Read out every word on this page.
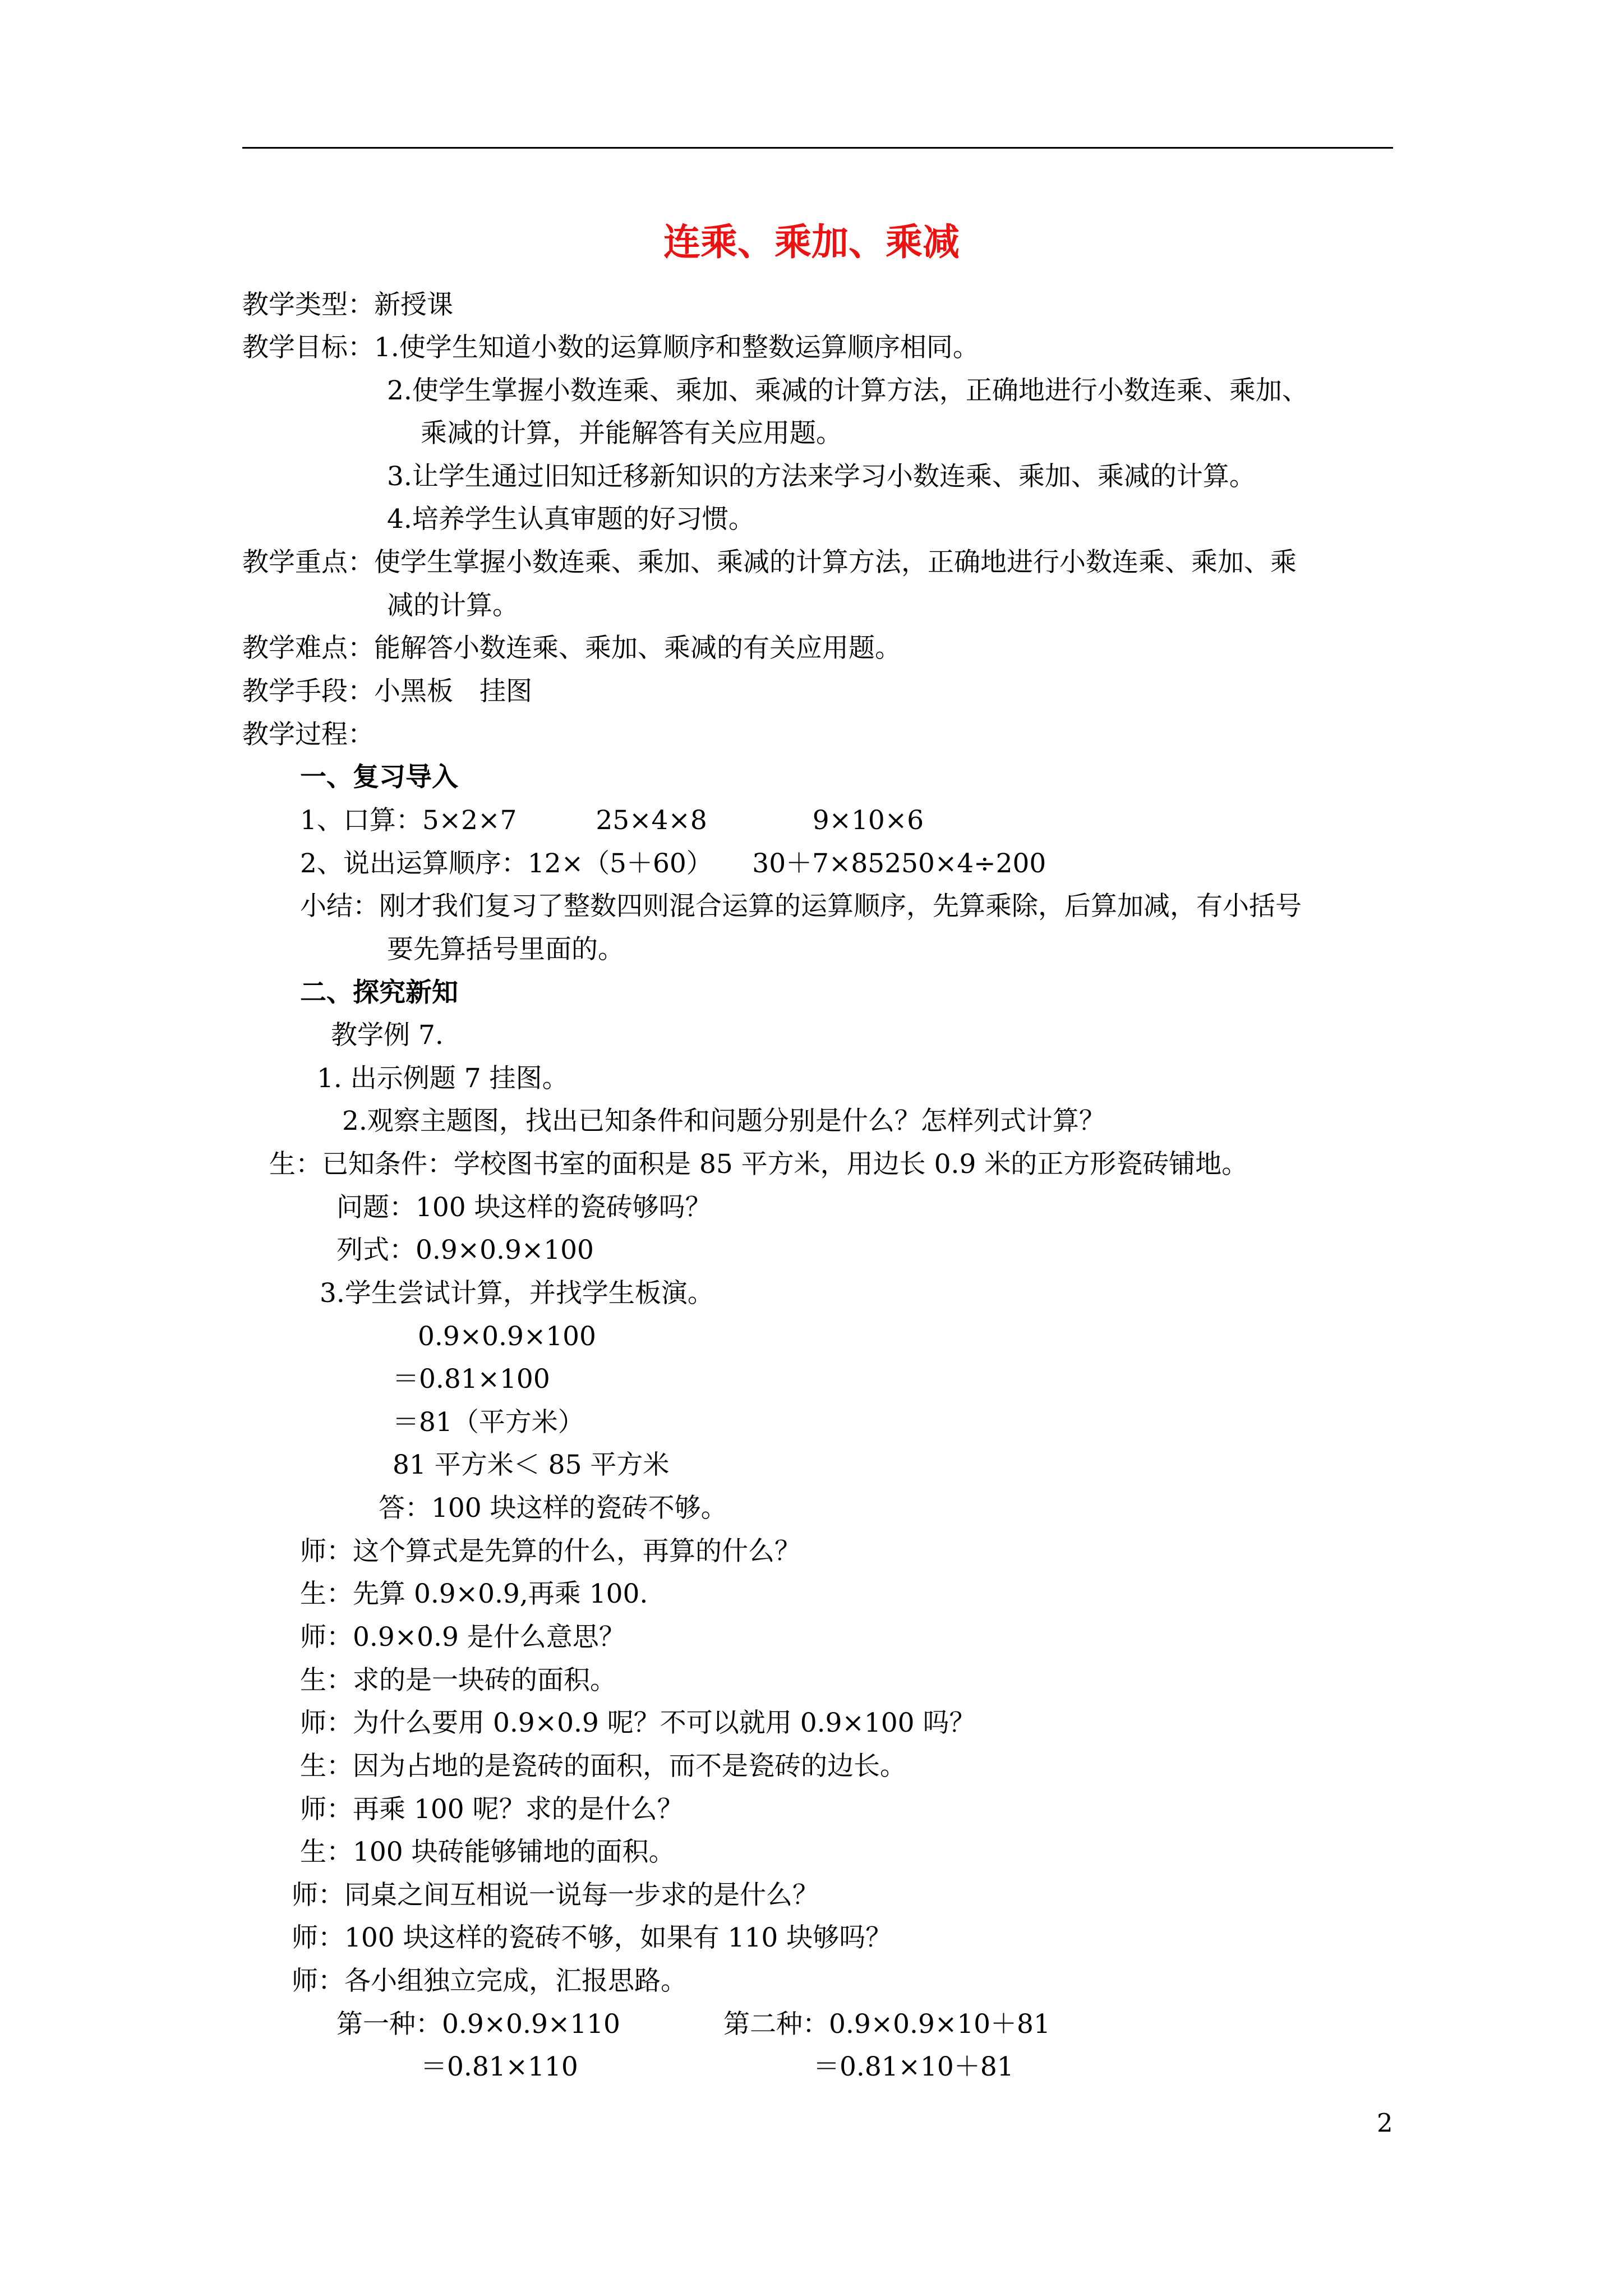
连乘、乘加、乘减
教学类型：新授课
教学目标：1.使学生知道小数的运算顺序和整数运算顺序相同。
2.使学生掌握小数连乘、乘加、乘减的计算方法，正确地进行小数连乘、乘加、
乘减的计算，并能解答有关应用题。
3.让学生通过旧知迁移新知识的方法来学习小数连乘、乘加、乘减的计算。
4.培养学生认真审题的好习惯。
教学重点：使学生掌握小数连乘、乘加、乘减的计算方法，正确地进行小数连乘、乘加、乘
减的计算。
教学难点：能解答小数连乘、乘加、乘减的有关应用题。
教学手段：小黑板　挂图
教学过程：
一、复习导入
1、口算：5×2×7　　　25×4×8　　　　9×10×6
2、说出运算顺序：12×（5＋60）　　30＋7×85250×4÷200
小结：刚才我们复习了整数四则混合运算的运算顺序，先算乘除，后算加减，有小括号
要先算括号里面的。
二、探究新知
教学例 7.
1. 出示例题 7 挂图。
2.观察主题图，找出已知条件和问题分别是什么？怎样列式计算？
生：已知条件：学校图书室的面积是 85 平方米，用边长 0.9 米的正方形瓷砖铺地。
问题：100 块这样的瓷砖够吗？
列式：0.9×0.9×100
3.学生尝试计算，并找学生板演。
0.9×0.9×100
＝0.81×100
＝81（平方米）
81 平方米＜ 85 平方米
答：100 块这样的瓷砖不够。
师：这个算式是先算的什么，再算的什么？
生：先算 0.9×0.9,再乘 100.
师：0.9×0.9 是什么意思？
生：求的是一块砖的面积。
师：为什么要用 0.9×0.9 呢？不可以就用 0.9×100 吗？
生：因为占地的是瓷砖的面积，而不是瓷砖的边长。
师：再乘 100 呢？求的是什么？
生：100 块砖能够铺地的面积。
师：同桌之间互相说一说每一步求的是什么？
师：100 块这样的瓷砖不够，如果有 110 块够吗？
师：各小组独立完成，汇报思路。
第一种：0.9×0.9×110	第二种：0.9×0.9×10＋81
＝0.81×110	＝0.81×10＋81
2
